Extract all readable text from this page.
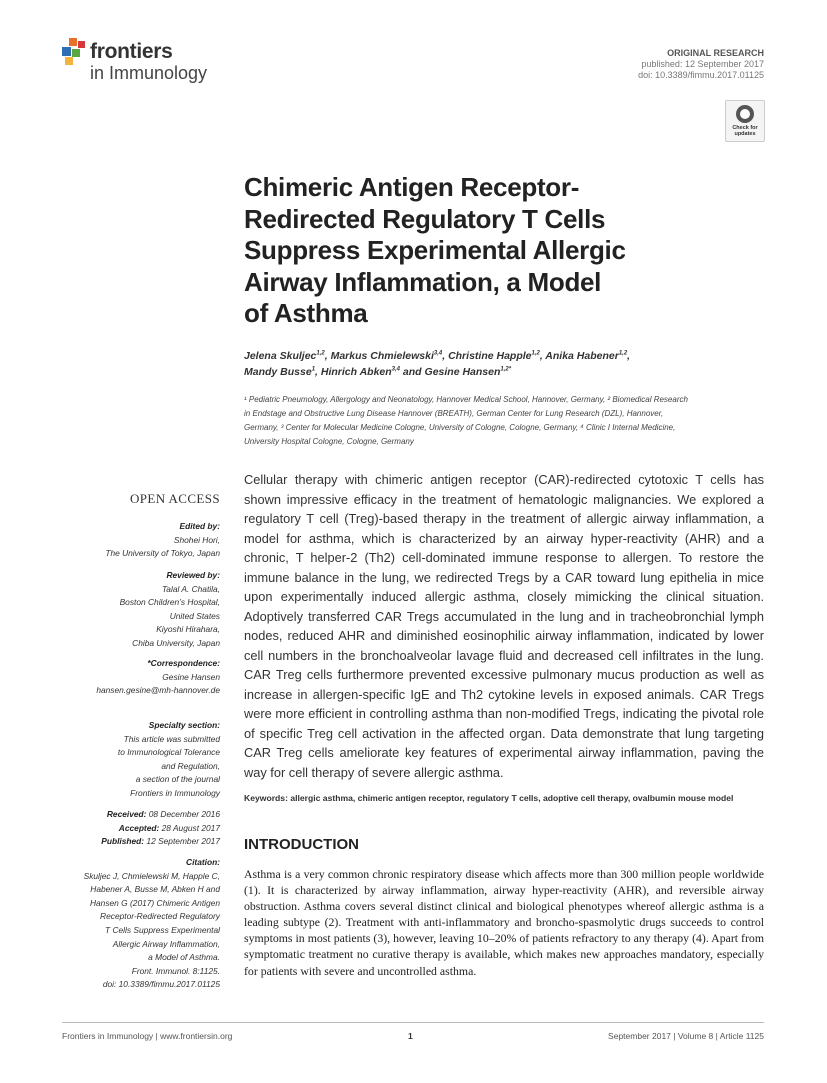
frontiers
in Immunology
ORIGINAL RESEARCH
published: 12 September 2017
doi: 10.3389/fimmu.2017.01125
Check for
updates
Chimeric Antigen Receptor-
Redirected Regulatory T Cells
Suppress Experimental Allergic
Airway Inflammation, a Model
of Asthma
Jelena Skuljec$^{1,2}$, Markus Chmielewski$^{3,4}$, Christine Happle$^{1,2}$, Anika Habener$^{1,2}$,
Mandy Busse$^1$, Hinrich Abken$^{3,4}$ and Gesine Hansen$^{1,2*}$
¹ Pediatric Pneumology, Allergology and Neonatology, Hannover Medical School, Hannover, Germany, ² Biomedical Research
in Endstage and Obstructive Lung Disease Hannover (BREATH), German Center for Lung Research (DZL), Hannover,
Germany, ³ Center for Molecular Medicine Cologne, University of Cologne, Cologne, Germany, ⁴ Clinic I Internal Medicine,
University Hospital Cologne, Cologne, Germany
OPEN ACCESS
Edited by:
Shohei Hori,
The University of Tokyo, Japan
Reviewed by:
Talal A. Chatila,
Boston Children’s Hospital,
United States
Kiyoshi Hirahara,
Chiba University, Japan
*Correspondence:
Gesine Hansen
hansen.gesine@mh-hannover.de
Specialty section:
This article was submitted
to Immunological Tolerance
and Regulation,
a section of the journal
Frontiers in Immunology
Received: 08 December 2016
Accepted: 28 August 2017
Published: 12 September 2017
Citation:
Skuljec J, Chmielewski M, Happle C,
Habener A, Busse M, Abken H and
Hansen G (2017) Chimeric Antigen
Receptor-Redirected Regulatory
T Cells Suppress Experimental
Allergic Airway Inflammation,
a Model of Asthma.
Front. Immunol. 8:1125.
doi: 10.3389/fimmu.2017.01125
Cellular therapy with chimeric antigen receptor (CAR)-redirected cytotoxic T cells has shown impressive efficacy in the treatment of hematologic malignancies. We explored a regulatory T cell (Treg)-based therapy in the treatment of allergic airway inflammation, a model for asthma, which is characterized by an airway hyper-reactivity (AHR) and a chronic, T helper-2 (Th2) cell-dominated immune response to allergen. To restore the immune balance in the lung, we redirected Tregs by a CAR toward lung epithelia in mice upon experimentally induced allergic asthma, closely mimicking the clinical situation. Adoptively transferred CAR Tregs accumulated in the lung and in tracheobronchial lymph nodes, reduced AHR and diminished eosinophilic airway inflammation, indicated by lower cell numbers in the bronchoalveolar lavage fluid and decreased cell infiltrates in the lung. CAR Treg cells furthermore prevented excessive pulmonary mucus production as well as increase in allergen-specific IgE and Th2 cytokine levels in exposed animals. CAR Tregs were more efficient in controlling asthma than non-modified Tregs, indicating the pivotal role of specific Treg cell activation in the affected organ. Data demonstrate that lung targeting CAR Treg cells ameliorate key features of experimental airway inflammation, paving the way for cell therapy of severe allergic asthma.
Keywords: allergic asthma, chimeric antigen receptor, regulatory T cells, adoptive cell therapy, ovalbumin mouse model
INTRODUCTION
Asthma is a very common chronic respiratory disease which affects more than 300 million people worldwide (1). It is characterized by airway inflammation, airway hyper-reactivity (AHR), and reversible airway obstruction. Asthma covers several distinct clinical and biological phenotypes whereof allergic asthma is a leading subtype (2). Treatment with anti-inflammatory and broncho-spasmolytic drugs succeeds to control symptoms in most patients (3), however, leaving 10–20% of patients refractory to any therapy (4). Apart from symptomatic treatment no curative therapy is available, which makes new approaches mandatory, especially for patients with severe and uncontrolled asthma.
Frontiers in Immunology | www.frontiersin.org	1	September 2017 | Volume 8 | Article 1125
